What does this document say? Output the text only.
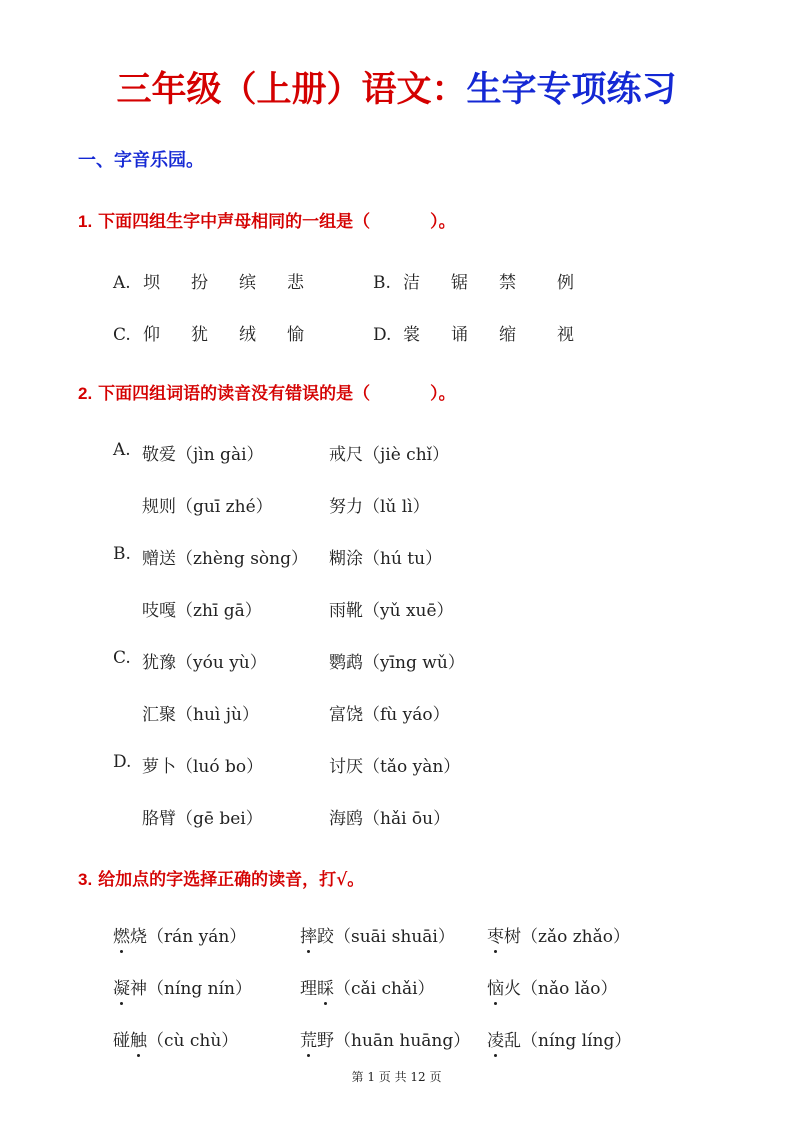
三年级（上册）语文：生字专项练习
一、字音乐园。
1. 下面四组生字中声母相同的一组是（	）。
A. 坝 扮 缤 悲	B. 洁 锯 禁 例
C. 仰 犹 绒 愉	D. 裳 诵 缩 视
2. 下面四组词语的读音没有错误的是（	）。
A. 敬爱（jìn gài）	戒尺（jiè chǐ）
规则（guī zhé）	努力（lǔ lì）
B. 赠送（zhèng sòng） 糊涂（hú tu）
吱嘎（zhī gā）	雨靴（yǔ xuē）
C. 犹豫（yóu yù）	鹦鹉（yīng wǔ）
汇聚（huì jù）	富饶（fù yáo）
D. 萝卜（luó bo）	讨厌（tǎo yàn）
胳臂（gē bei）	海鸥（hǎi ōu）
3. 给加点的字选择正确的读音，打√。
燃烧（rán yán）	摔跤（suāi shuāi） 枣树（zǎo zhǎo）
凝神（níng nín）	理睬（cǎi chǎi）	恼火（nǎo lǎo）
碰触（cù chù）	荒野（huān huāng） 凌乱（níng líng）
第 1 页 共 12 页
